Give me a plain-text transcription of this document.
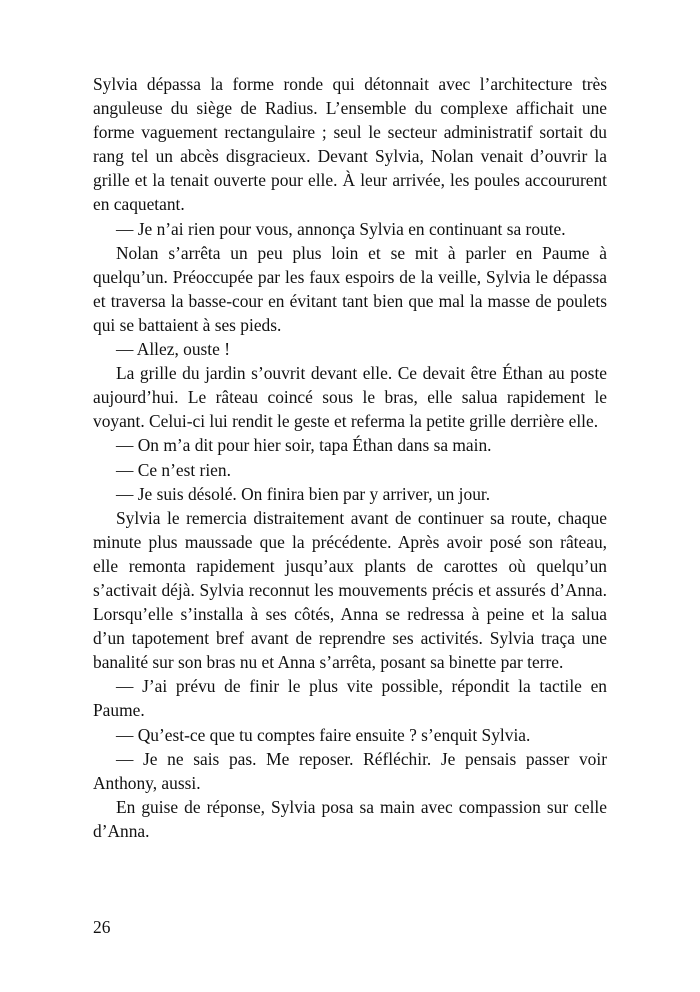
Sylvia dépassa la forme ronde qui détonnait avec l’architecture très anguleuse du siège de Radius. L’ensemble du complexe affichait une forme vaguement rectangulaire ; seul le secteur administratif sortait du rang tel un abcès disgracieux. Devant Sylvia, Nolan venait d’ouvrir la grille et la tenait ouverte pour elle. À leur arrivée, les poules accoururent en caquetant.

— Je n’ai rien pour vous, annonça Sylvia en continuant sa route.

Nolan s’arrêta un peu plus loin et se mit à parler en Paume à quelqu’un. Préoccupée par les faux espoirs de la veille, Sylvia le dépassa et traversa la basse-cour en évitant tant bien que mal la masse de poulets qui se battaient à ses pieds.

— Allez, ouste !

La grille du jardin s’ouvrit devant elle. Ce devait être Éthan au poste aujourd’hui. Le râteau coincé sous le bras, elle salua rapidement le voyant. Celui-ci lui rendit le geste et referma la petite grille derrière elle.

— On m’a dit pour hier soir, tapa Éthan dans sa main.

— Ce n’est rien.

— Je suis désolé. On finira bien par y arriver, un jour.

Sylvia le remercia distraitement avant de continuer sa route, chaque minute plus maussade que la précédente. Après avoir posé son râteau, elle remonta rapidement jusqu’aux plants de carottes où quelqu’un s’activait déjà. Sylvia reconnut les mouvements précis et assurés d’Anna. Lorsqu’elle s’installa à ses côtés, Anna se redressa à peine et la salua d’un tapotement bref avant de reprendre ses activités. Sylvia traça une banalité sur son bras nu et Anna s’arrêta, posant sa binette par terre.

— J’ai prévu de finir le plus vite possible, répondit la tactile en Paume.

— Qu’est-ce que tu comptes faire ensuite ? s’enquit Sylvia.

— Je ne sais pas. Me reposer. Réfléchir. Je pensais passer voir Anthony, aussi.

En guise de réponse, Sylvia posa sa main avec compassion sur celle d’Anna.

26
